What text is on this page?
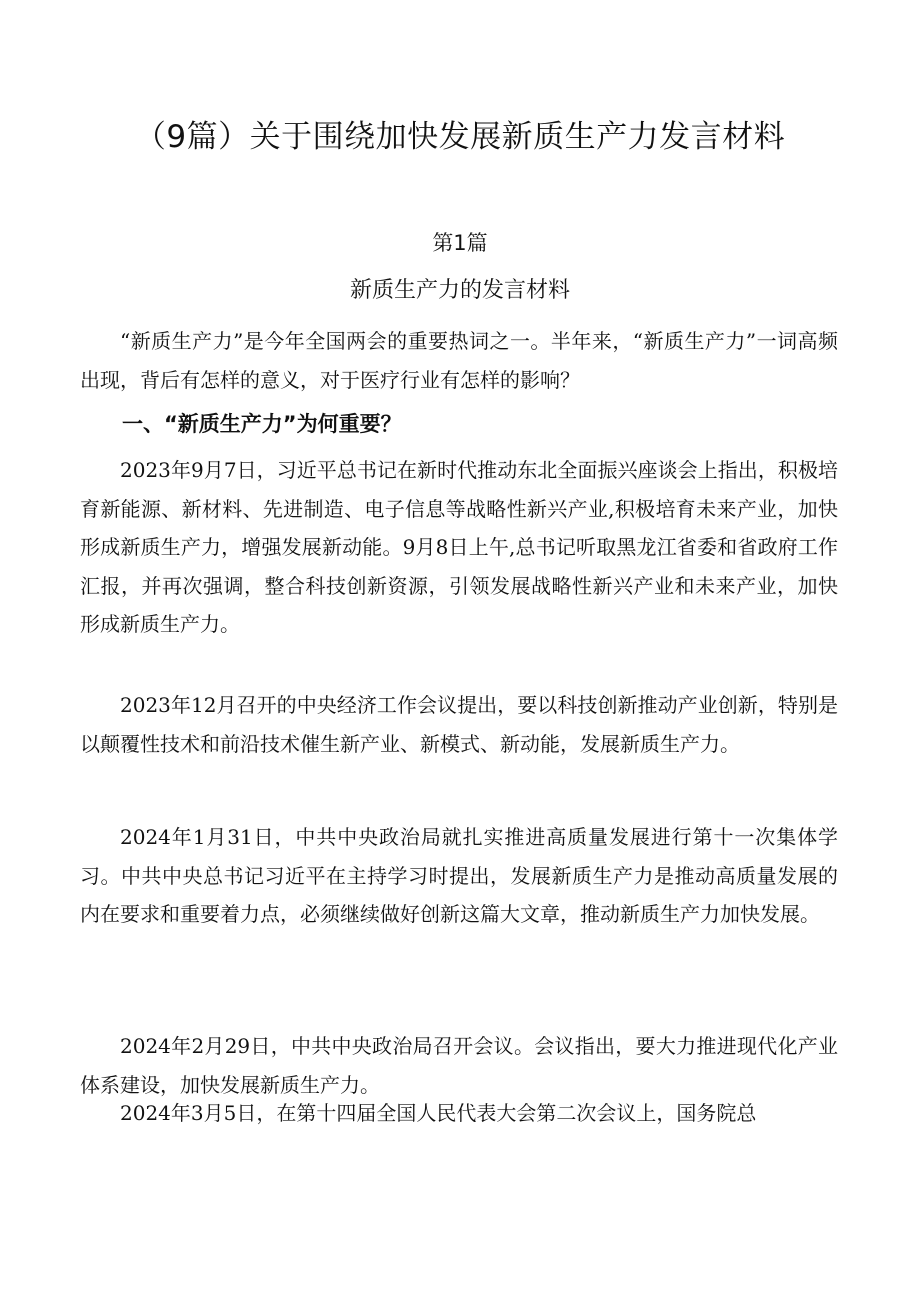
（9篇）关于围绕加快发展新质生产力发言材料
第1篇
新质生产力的发言材料

“新质生产力”是今年全国两会的重要热词之一。半年来，“新质生产力”一词高频出现，背后有怎样的意义，对于医疗行业有怎样的影响？

一、“新质生产力”为何重要？

2023年9月7日，习近平总书记在新时代推动东北全面振兴座谈会上指出，积极培育新能源、新材料、先进制造、电子信息等战略性新兴产业,积极培育未来产业，加快形成新质生产力，增强发展新动能。9月8日上午,总书记听取黑龙江省委和省政府工作汇报，并再次强调，整合科技创新资源，引领发展战略性新兴产业和未来产业，加快形成新质生产力。

2023年12月召开的中央经济工作会议提出，要以科技创新推动产业创新，特别是以颠覆性技术和前沿技术催生新产业、新模式、新动能，发展新质生产力。

2024年1月31日，中共中央政治局就扎实推进高质量发展进行第十一次集体学习。中共中央总书记习近平在主持学习时提出，发展新质生产力是推动高质量发展的内在要求和重要着力点，必须继续做好创新这篇大文章，推动新质生产力加快发展。

2024年2月29日，中共中央政治局召开会议。会议指出，要大力推进现代化产业体系建设，加快发展新质生产力。

2024年3月5日，在第十四届全国人民代表大会第二次会议上，国务院总
